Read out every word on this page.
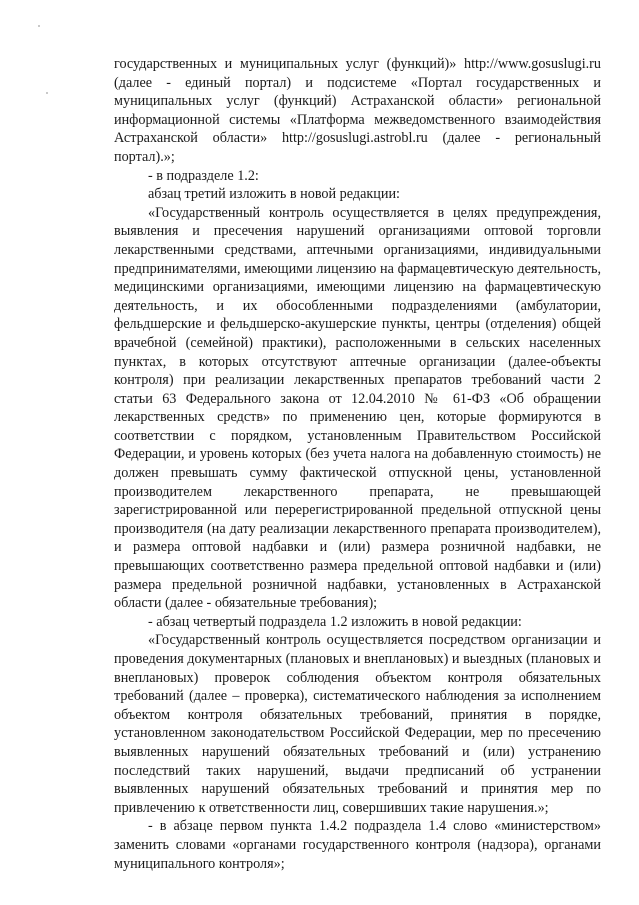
государственных и муниципальных услуг (функций)» http://www.gosuslugi.ru (далее - единый портал) и подсистеме «Портал государственных и муниципальных услуг (функций) Астраханской области» региональной информационной системы «Платформа межведомственного взаимодействия Астраханской области» http://gosuslugi.astrobl.ru (далее - региональный портал).»;

- в подразделе 1.2:

абзац третий изложить в новой редакции:

«Государственный контроль осуществляется в целях предупреждения, выявления и пресечения нарушений организациями оптовой торговли лекарственными средствами, аптечными организациями, индивидуальными предпринимателями, имеющими лицензию на фармацевтическую деятельность, медицинскими организациями, имеющими лицензию на фармацевтическую деятельность, и их обособленными подразделениями (амбулатории, фельдшерские и фельдшерско-акушерские пункты, центры (отделения) общей врачебной (семейной) практики), расположенными в сельских населенных пунктах, в которых отсутствуют аптечные организации (далее-объекты контроля) при реализации лекарственных препаратов требований части 2 статьи 63 Федерального закона от 12.04.2010 № 61-ФЗ «Об обращении лекарственных средств» по применению цен, которые формируются в соответствии с порядком, установленным Правительством Российской Федерации, и уровень которых (без учета налога на добавленную стоимость) не должен превышать сумму фактической отпускной цены, установленной производителем лекарственного препарата, не превышающей зарегистрированной или перерегистрированной предельной отпускной цены производителя (на дату реализации лекарственного препарата производителем), и размера оптовой надбавки и (или) размера розничной надбавки, не превышающих соответственно размера предельной оптовой надбавки и (или) размера предельной розничной надбавки, установленных в Астраханской области (далее - обязательные требования);

- абзац четвертый подраздела 1.2 изложить в новой редакции:

«Государственный контроль осуществляется посредством организации и проведения документарных (плановых и внеплановых) и выездных (плановых и внеплановых) проверок соблюдения объектом контроля обязательных требований (далее – проверка), систематического наблюдения за исполнением объектом контроля обязательных требований, принятия в порядке, установленном законодательством Российской Федерации, мер по пресечению выявленных нарушений обязательных требований и (или) устранению последствий таких нарушений, выдачи предписаний об устранении выявленных нарушений обязательных требований и принятия мер по привлечению к ответственности лиц, совершивших такие нарушения.»;

- в абзаце первом пункта 1.4.2 подраздела 1.4 слово «министерством» заменить словами «органами государственного контроля (надзора), органами муниципального контроля»;
